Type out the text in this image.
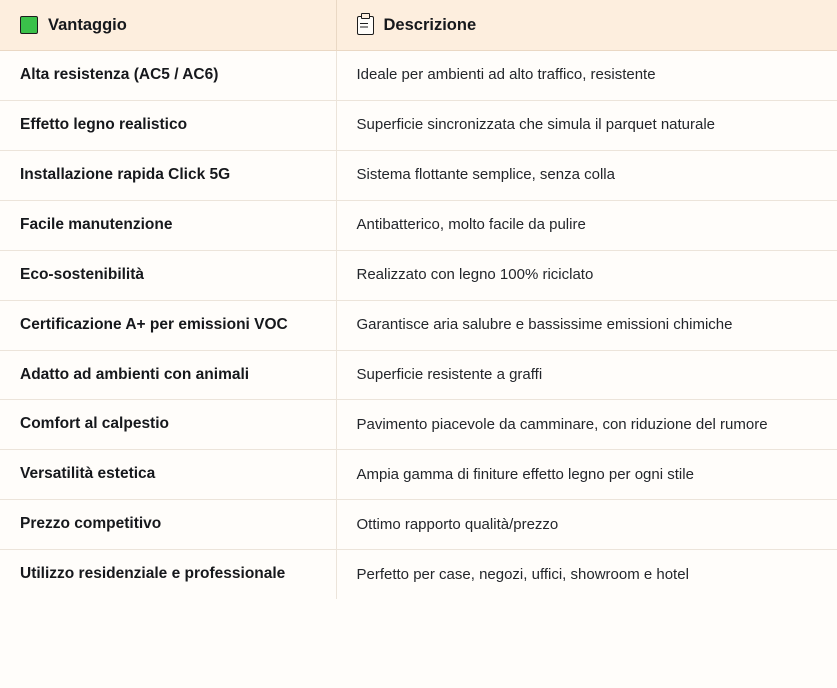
Vantaggio	Descrizione

Alta resistenza (AC5 / AC6)	Ideale per ambienti ad alto traffico, resistente
Effetto legno realistico	Superficie sincronizzata che simula il parquet naturale
Installazione rapida Click 5G	Sistema flottante semplice, senza colla
Facile manutenzione	Antibatterico, molto facile da pulire
Eco-sostenibilità	Realizzato con legno 100% riciclato
Certificazione A+ per emissioni VOC	Garantisce aria salubre e bassissime emissioni chimiche
Adatto ad ambienti con animali	Superficie resistente a graffi
Comfort al calpestio	Pavimento piacevole da camminare, con riduzione del rumore
Versatilità estetica	Ampia gamma di finiture effetto legno per ogni stile
Prezzo competitivo	Ottimo rapporto qualità/prezzo
Utilizzo residenziale e professionale	Perfetto per case, negozi, uffici, showroom e hotel
